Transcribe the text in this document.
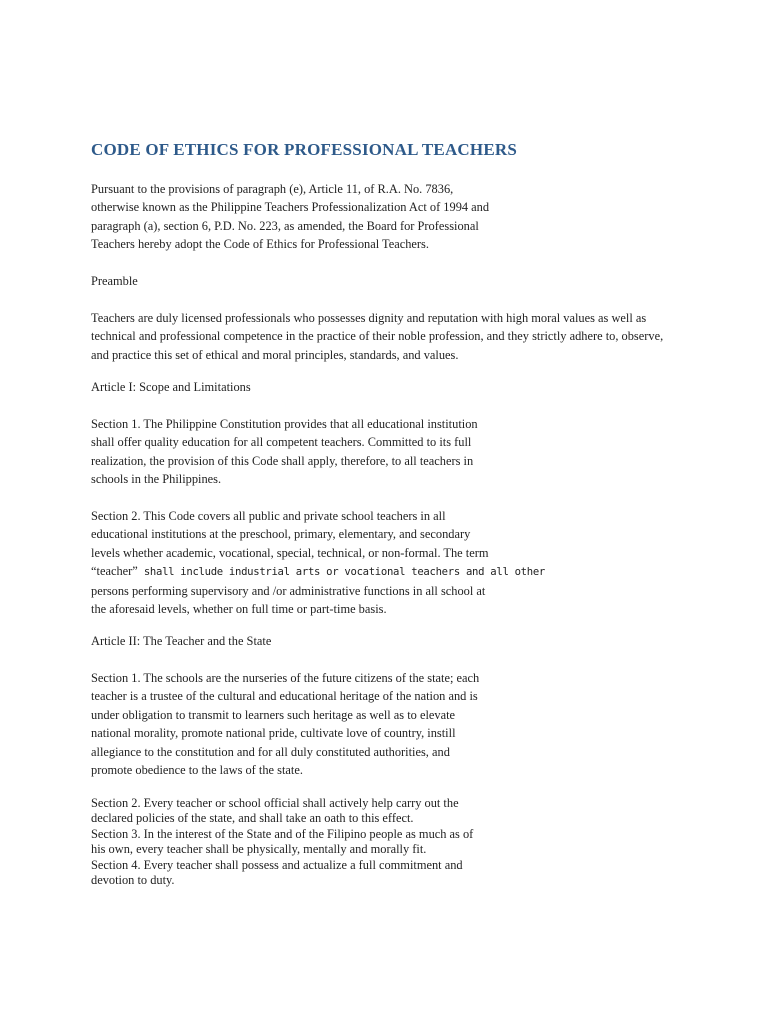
CODE OF ETHICS FOR PROFESSIONAL TEACHERS

Pursuant to the provisions of paragraph (e), Article 11, of R.A. No. 7836,
otherwise known as the Philippine Teachers Professionalization Act of 1994 and
paragraph (a), section 6, P.D. No. 223, as amended, the Board for Professional
Teachers hereby adopt the Code of Ethics for Professional Teachers.

Preamble

Teachers are duly licensed professionals who possesses dignity and reputation with high moral values as well as
technical and professional competence in the practice of their noble profession, and they strictly adhere to, observe,
and practice this set of ethical and moral principles, standards, and values.

Article I: Scope and Limitations

Section 1. The Philippine Constitution provides that all educational institution
shall offer quality education for all competent teachers. Committed to its full
realization, the provision of this Code shall apply, therefore, to all teachers in
schools in the Philippines.

Section 2. This Code covers all public and private school teachers in all
educational institutions at the preschool, primary, elementary, and secondary
levels whether academic, vocational, special, technical, or non-formal. The term
“teacher” shall include industrial arts or vocational teachers and all other
persons performing supervisory and /or administrative functions in all school at
the aforesaid levels, whether on full time or part-time basis.

Article II: The Teacher and the State

Section 1. The schools are the nurseries of the future citizens of the state; each
teacher is a trustee of the cultural and educational heritage of the nation and is
under obligation to transmit to learners such heritage as well as to elevate
national morality, promote national pride, cultivate love of country, instill
allegiance to the constitution and for all duly constituted authorities, and
promote obedience to the laws of the state.

Section 2. Every teacher or school official shall actively help carry out the
declared policies of the state, and shall take an oath to this effect.
Section 3. In the interest of the State and of the Filipino people as much as of
his own, every teacher shall be physically, mentally and morally fit.
Section 4. Every teacher shall possess and actualize a full commitment and
devotion to duty.
